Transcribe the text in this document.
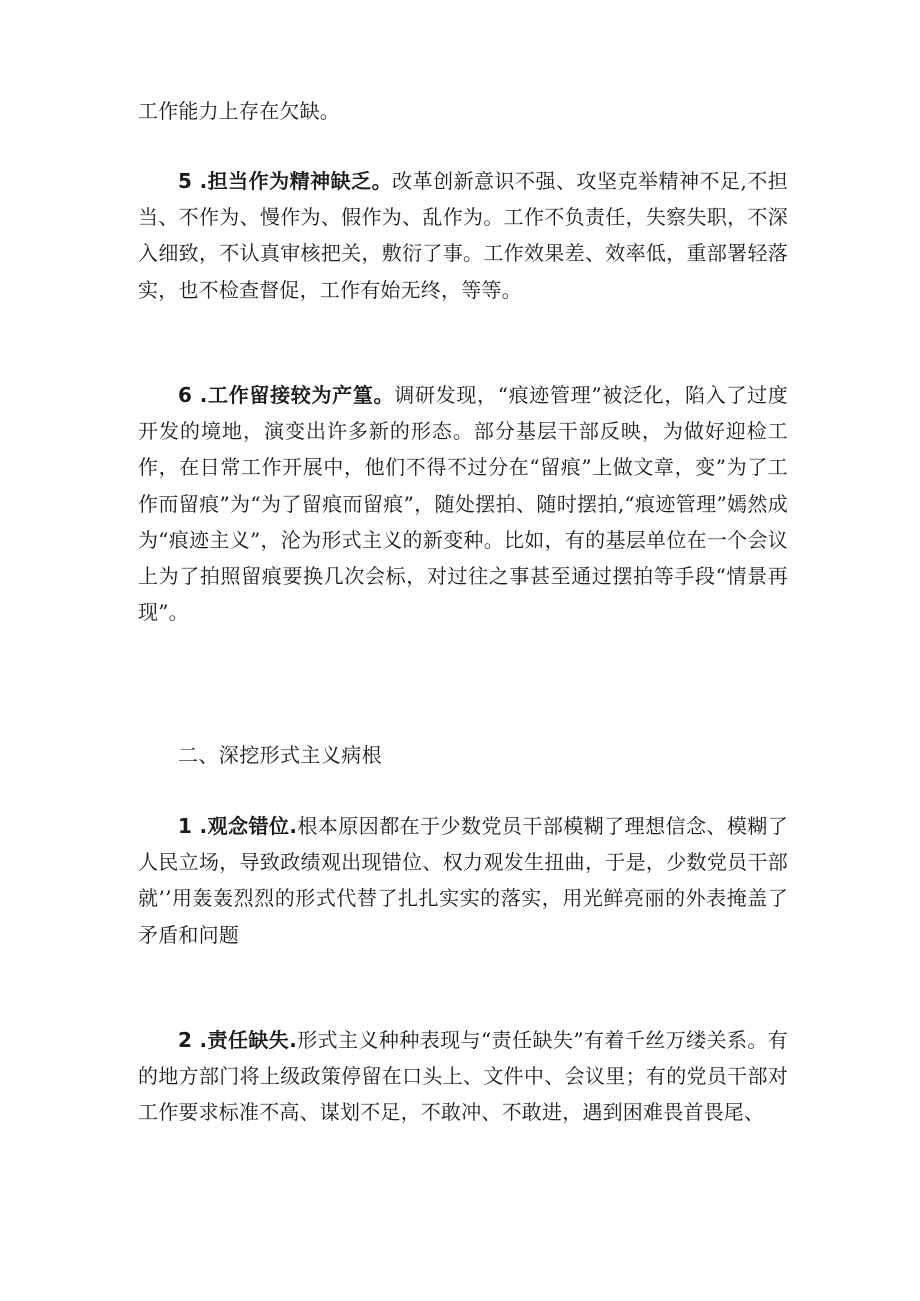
工作能力上存在欠缺。

5 .担当作为精神缺乏。改革创新意识不强、攻坚克举精神不足,不担当、不作为、慢作为、假作为、乱作为。工作不负责任，失察失职，不深入细致，不认真审核把关，敷衍了事。工作效果差、效率低，重部署轻落实，也不检查督促，工作有始无终，等等。

6 .工作留接较为产篁。调研发现，“痕迹管理”被泛化，陷入了过度开发的境地，演变出许多新的形态。部分基层干部反映，为做好迎检工作，在日常工作开展中，他们不得不过分在“留痕”上做文章，变”为了工作而留痕”为“为了留痕而留痕”，随处摆拍、随时摆拍,“痕迹管理”嫣然成为“痕迹主义”，沦为形式主义的新变种。比如，有的基层单位在一个会议上为了拍照留痕要换几次会标，对过往之事甚至通过摆拍等手段“情景再现”。

二、深挖形式主义病根

1 .观念错位.根本原因都在于少数党员干部模糊了理想信念、模糊了人民立场，导致政绩观出现错位、权力观发生扭曲，于是，少数党员干部就’’用轰轰烈烈的形式代替了扎扎实实的落实，用光鲜亮丽的外表掩盖了矛盾和问题

2 .责任缺失.形式主义种种表现与“责任缺失”有着千丝万缕关系。有的地方部门将上级政策停留在口头上、文件中、会议里；有的党员干部对工作要求标准不高、谋划不足，不敢冲、不敢进，遇到困难畏首畏尾、
